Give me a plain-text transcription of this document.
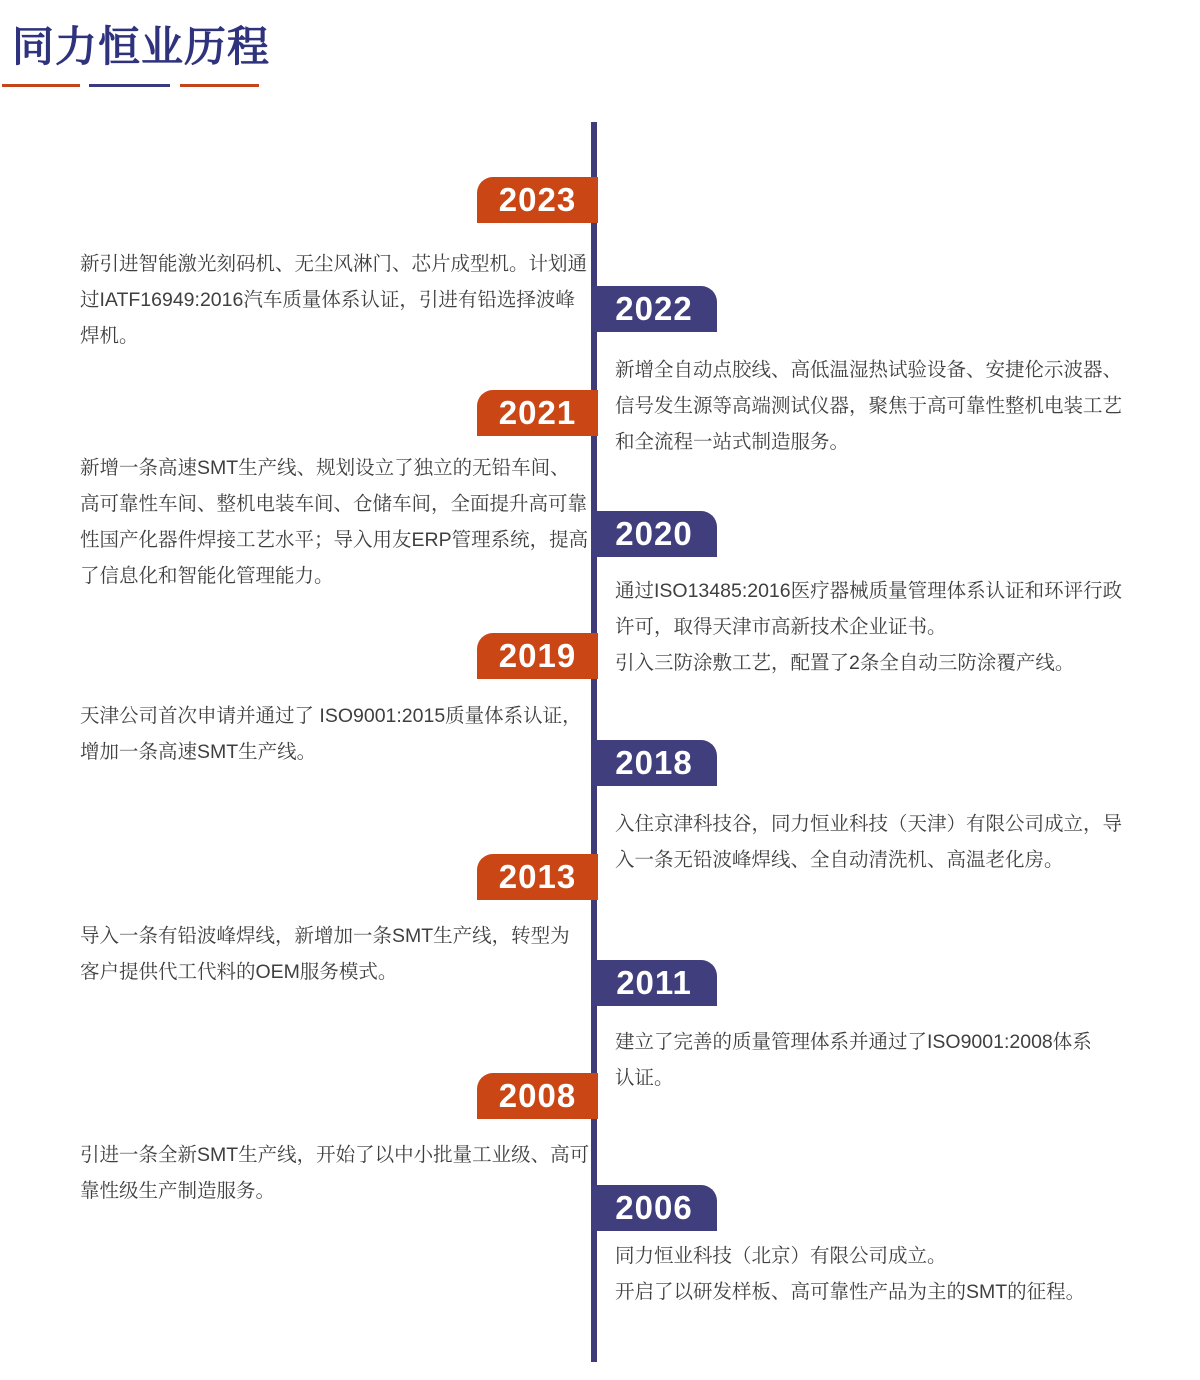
同力恒业历程
2023
新引进智能激光刻码机、无尘风淋门、芯片成型机。计划通
过IATF16949:2016汽车质量体系认证，引进有铅选择波峰
焊机。
2022
新增全自动点胶线、高低温湿热试验设备、安捷伦示波器、
信号发生源等高端测试仪器，聚焦于高可靠性整机电装工艺
和全流程一站式制造服务。
2021
新增一条高速SMT生产线、规划设立了独立的无铅车间、
高可靠性车间、整机电装车间、仓储车间，全面提升高可靠
性国产化器件焊接工艺水平；导入用友ERP管理系统，提高
了信息化和智能化管理能力。
2020
通过ISO13485:2016医疗器械质量管理体系认证和环评行政
许可，取得天津市高新技术企业证书。
引入三防涂敷工艺，配置了2条全自动三防涂覆产线。
2019
天津公司首次申请并通过了 ISO9001:2015质量体系认证，
增加一条高速SMT生产线。	2018
入住京津科技谷，同力恒业科技（天津）有限公司成立，导
入一条无铅波峰焊线、全自动清洗机、高温老化房。
2013
导入一条有铅波峰焊线，新增加一条SMT生产线，转型为
客户提供代工代料的OEM服务模式。	2011
建立了完善的质量管理体系并通过了ISO9001:2008体系
认证。
2008
引进一条全新SMT生产线，开始了以中小批量工业级、高可
靠性级生产制造服务。	2006
同力恒业科技（北京）有限公司成立。
开启了以研发样板、高可靠性产品为主的SMT的征程。
